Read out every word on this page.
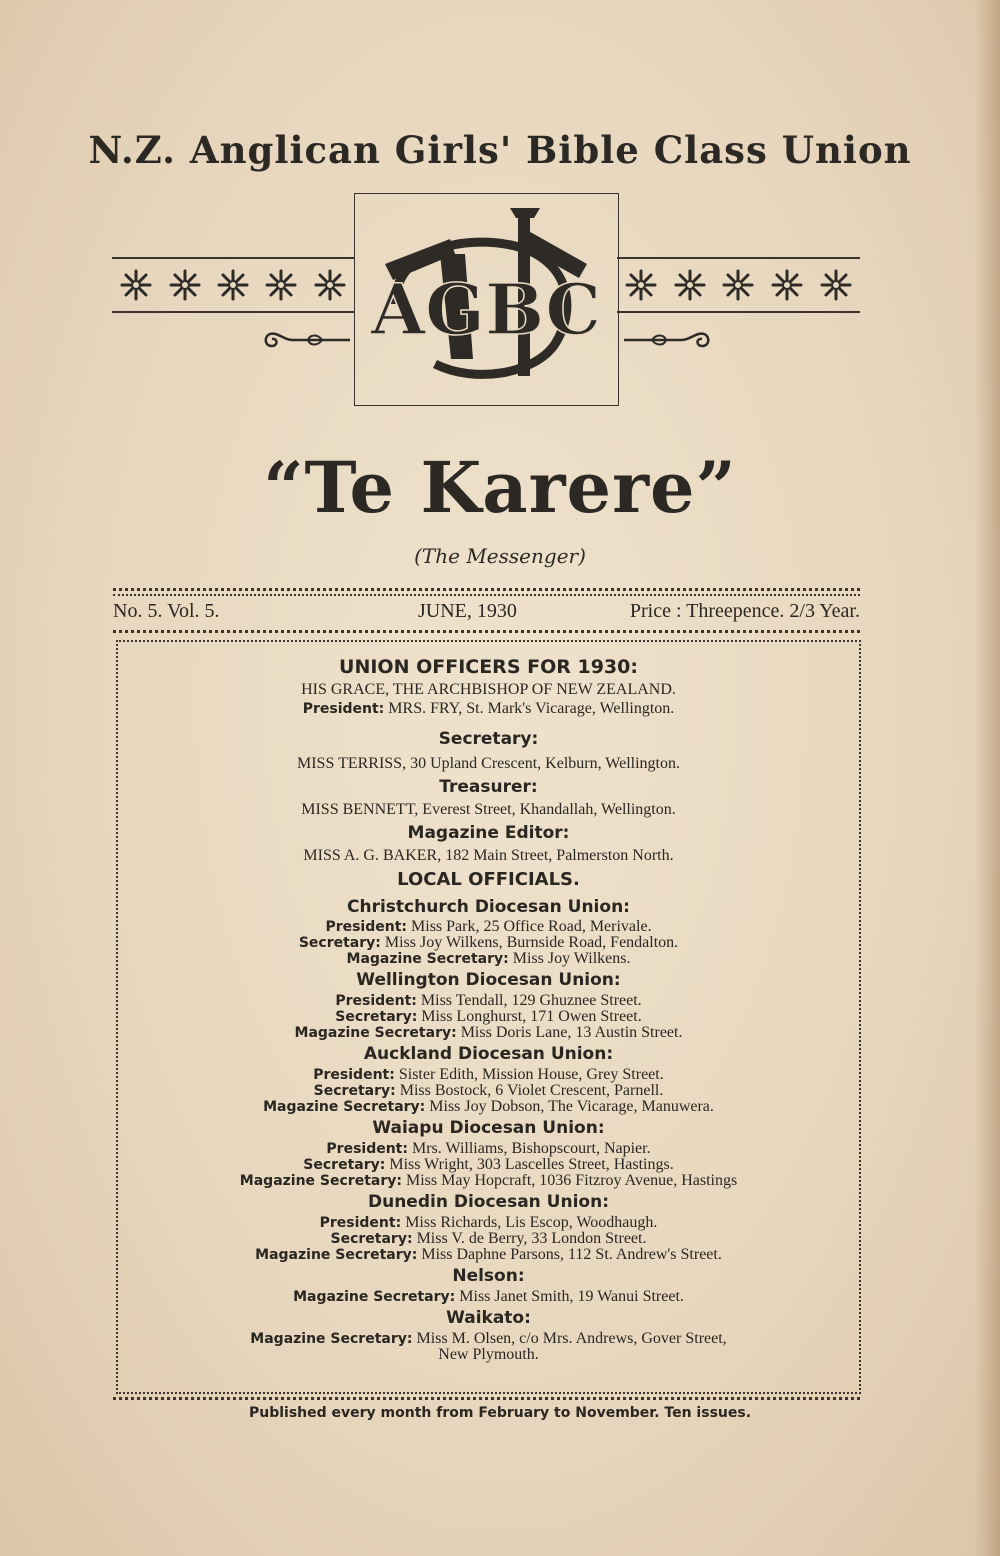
N.Z. Anglican Girls' Bible Class Union
AGBC
“Te Karere”
(The Messenger)
No. 5. Vol. 5.	JUNE, 1930	Price : Threepence. 2/3 Year.
UNION OFFICERS FOR 1930:
HIS GRACE, THE ARCHBISHOP OF NEW ZEALAND.
President: MRS. FRY, St. Mark's Vicarage, Wellington.
Secretary:
MISS TERRISS, 30 Upland Crescent, Kelburn, Wellington.
Treasurer:
MISS BENNETT, Everest Street, Khandallah, Wellington.
Magazine Editor:
MISS A. G. BAKER, 182 Main Street, Palmerston North.
LOCAL OFFICIALS.
Christchurch Diocesan Union:
President: Miss Park, 25 Office Road, Merivale.
Secretary: Miss Joy Wilkens, Burnside Road, Fendalton.
Magazine Secretary: Miss Joy Wilkens.
Wellington Diocesan Union:
President: Miss Tendall, 129 Ghuznee Street.
Secretary: Miss Longhurst, 171 Owen Street.
Magazine Secretary: Miss Doris Lane, 13 Austin Street.
Auckland Diocesan Union:
President: Sister Edith, Mission House, Grey Street.
Secretary: Miss Bostock, 6 Violet Crescent, Parnell.
Magazine Secretary: Miss Joy Dobson, The Vicarage, Manuwera.
Waiapu Diocesan Union:
President: Mrs. Williams, Bishopscourt, Napier.
Secretary: Miss Wright, 303 Lascelles Street, Hastings.
Magazine Secretary: Miss May Hopcraft, 1036 Fitzroy Avenue, Hastings
Dunedin Diocesan Union:
President: Miss Richards, Lis Escop, Woodhaugh.
Secretary: Miss V. de Berry, 33 London Street.
Magazine Secretary: Miss Daphne Parsons, 112 St. Andrew's Street.
Nelson:
Magazine Secretary: Miss Janet Smith, 19 Wanui Street.
Waikato:
Magazine Secretary: Miss M. Olsen, c/o Mrs. Andrews, Gover Street,
New Plymouth.
Published every month from February to November. Ten issues.
